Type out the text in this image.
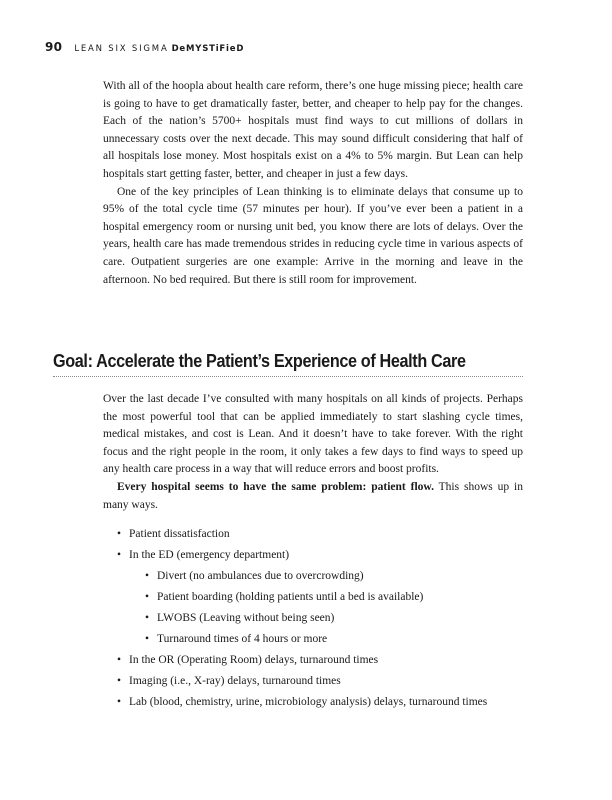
90 LEAN SIX SIGMA DeMYSTiFieD

With all of the hoopla about health care reform, there’s one huge missing piece; health care is going to have to get dramatically faster, better, and cheaper to help pay for the changes. Each of the nation’s 5700+ hospitals must find ways to cut millions of dollars in unnecessary costs over the next decade. This may sound difficult considering that half of all hospitals lose money. Most hospitals exist on a 4% to 5% margin. But Lean can help hospitals start getting faster, better, and cheaper in just a few days.

One of the key principles of Lean thinking is to eliminate delays that consume up to 95% of the total cycle time (57 minutes per hour). If you’ve ever been a patient in a hospital emergency room or nursing unit bed, you know there are lots of delays. Over the years, health care has made tremendous strides in reducing cycle time in various aspects of care. Outpatient surgeries are one example: Arrive in the morning and leave in the afternoon. No bed required. But there is still room for improvement.

Goal: Accelerate the Patient’s Experience of Health Care

Over the last decade I’ve consulted with many hospitals on all kinds of projects. Perhaps the most powerful tool that can be applied immediately to start slashing cycle times, medical mistakes, and cost is Lean. And it doesn’t have to take forever. With the right focus and the right people in the room, it only takes a few days to find ways to speed up any health care process in a way that will reduce errors and boost profits.

Every hospital seems to have the same problem: patient flow. This shows up in many ways.

• Patient dissatisfaction
• In the ED (emergency department)
• Divert (no ambulances due to overcrowding)
• Patient boarding (holding patients until a bed is available)
• LWOBS (Leaving without being seen)
• Turnaround times of 4 hours or more
• In the OR (Operating Room) delays, turnaround times
• Imaging (i.e., X-ray) delays, turnaround times
• Lab (blood, chemistry, urine, microbiology analysis) delays, turnaround times
